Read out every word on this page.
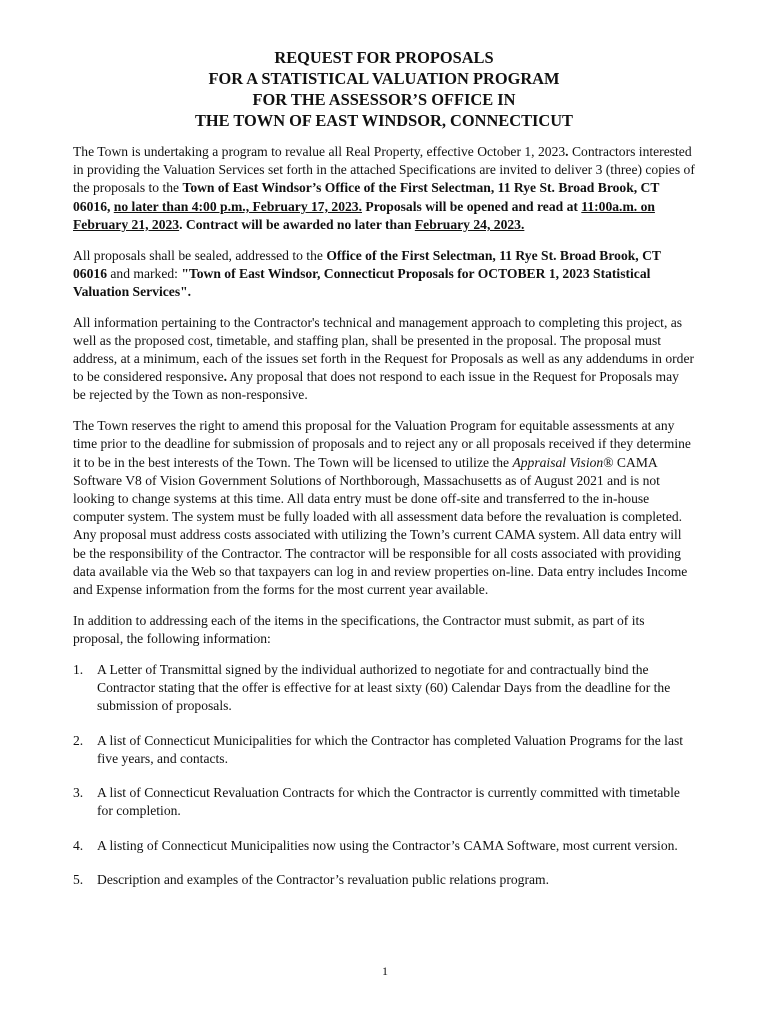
REQUEST FOR PROPOSALS
FOR A STATISTICAL VALUATION PROGRAM
FOR THE ASSESSOR’S OFFICE IN
THE TOWN OF EAST WINDSOR, CONNECTICUT

The Town is undertaking a program to revalue all Real Property, effective October 1, 2023. Contractors interested in providing the Valuation Services set forth in the attached Specifications are invited to deliver 3 (three) copies of the proposals to the Town of East Windsor’s Office of the First Selectman, 11 Rye St. Broad Brook, CT 06016, no later than 4:00 p.m., February 17, 2023. Proposals will be opened and read at 11:00a.m. on February 21, 2023. Contract will be awarded no later than February 24, 2023.

All proposals shall be sealed, addressed to the Office of the First Selectman, 11 Rye St. Broad Brook, CT 06016 and marked: "Town of East Windsor, Connecticut Proposals for OCTOBER 1, 2023 Statistical Valuation Services".

All information pertaining to the Contractor's technical and management approach to completing this project, as well as the proposed cost, timetable, and staffing plan, shall be presented in the proposal. The proposal must address, at a minimum, each of the issues set forth in the Request for Proposals as well as any addendums in order to be considered responsive. Any proposal that does not respond to each issue in the Request for Proposals may be rejected by the Town as non-responsive.

The Town reserves the right to amend this proposal for the Valuation Program for equitable assessments at any time prior to the deadline for submission of proposals and to reject any or all proposals received if they determine it to be in the best interests of the Town. The Town will be licensed to utilize the Appraisal Vision® CAMA Software V8 of Vision Government Solutions of Northborough, Massachusetts as of August 2021 and is not looking to change systems at this time. All data entry must be done off-site and transferred to the in-house computer system. The system must be fully loaded with all assessment data before the revaluation is completed. Any proposal must address costs associated with utilizing the Town’s current CAMA system. All data entry will be the responsibility of the Contractor. The contractor will be responsible for all costs associated with providing data available via the Web so that taxpayers can log in and review properties on-line. Data entry includes Income and Expense information from the forms for the most current year available.

In addition to addressing each of the items in the specifications, the Contractor must submit, as part of its proposal, the following information:

1. A Letter of Transmittal signed by the individual authorized to negotiate for and contractually bind the Contractor stating that the offer is effective for at least sixty (60) Calendar Days from the deadline for the submission of proposals.
2. A list of Connecticut Municipalities for which the Contractor has completed Valuation Programs for the last five years, and contacts.
3. A list of Connecticut Revaluation Contracts for which the Contractor is currently committed with timetable for completion.
4. A listing of Connecticut Municipalities now using the Contractor’s CAMA Software, most current version.
5. Description and examples of the Contractor’s revaluation public relations program.
1
